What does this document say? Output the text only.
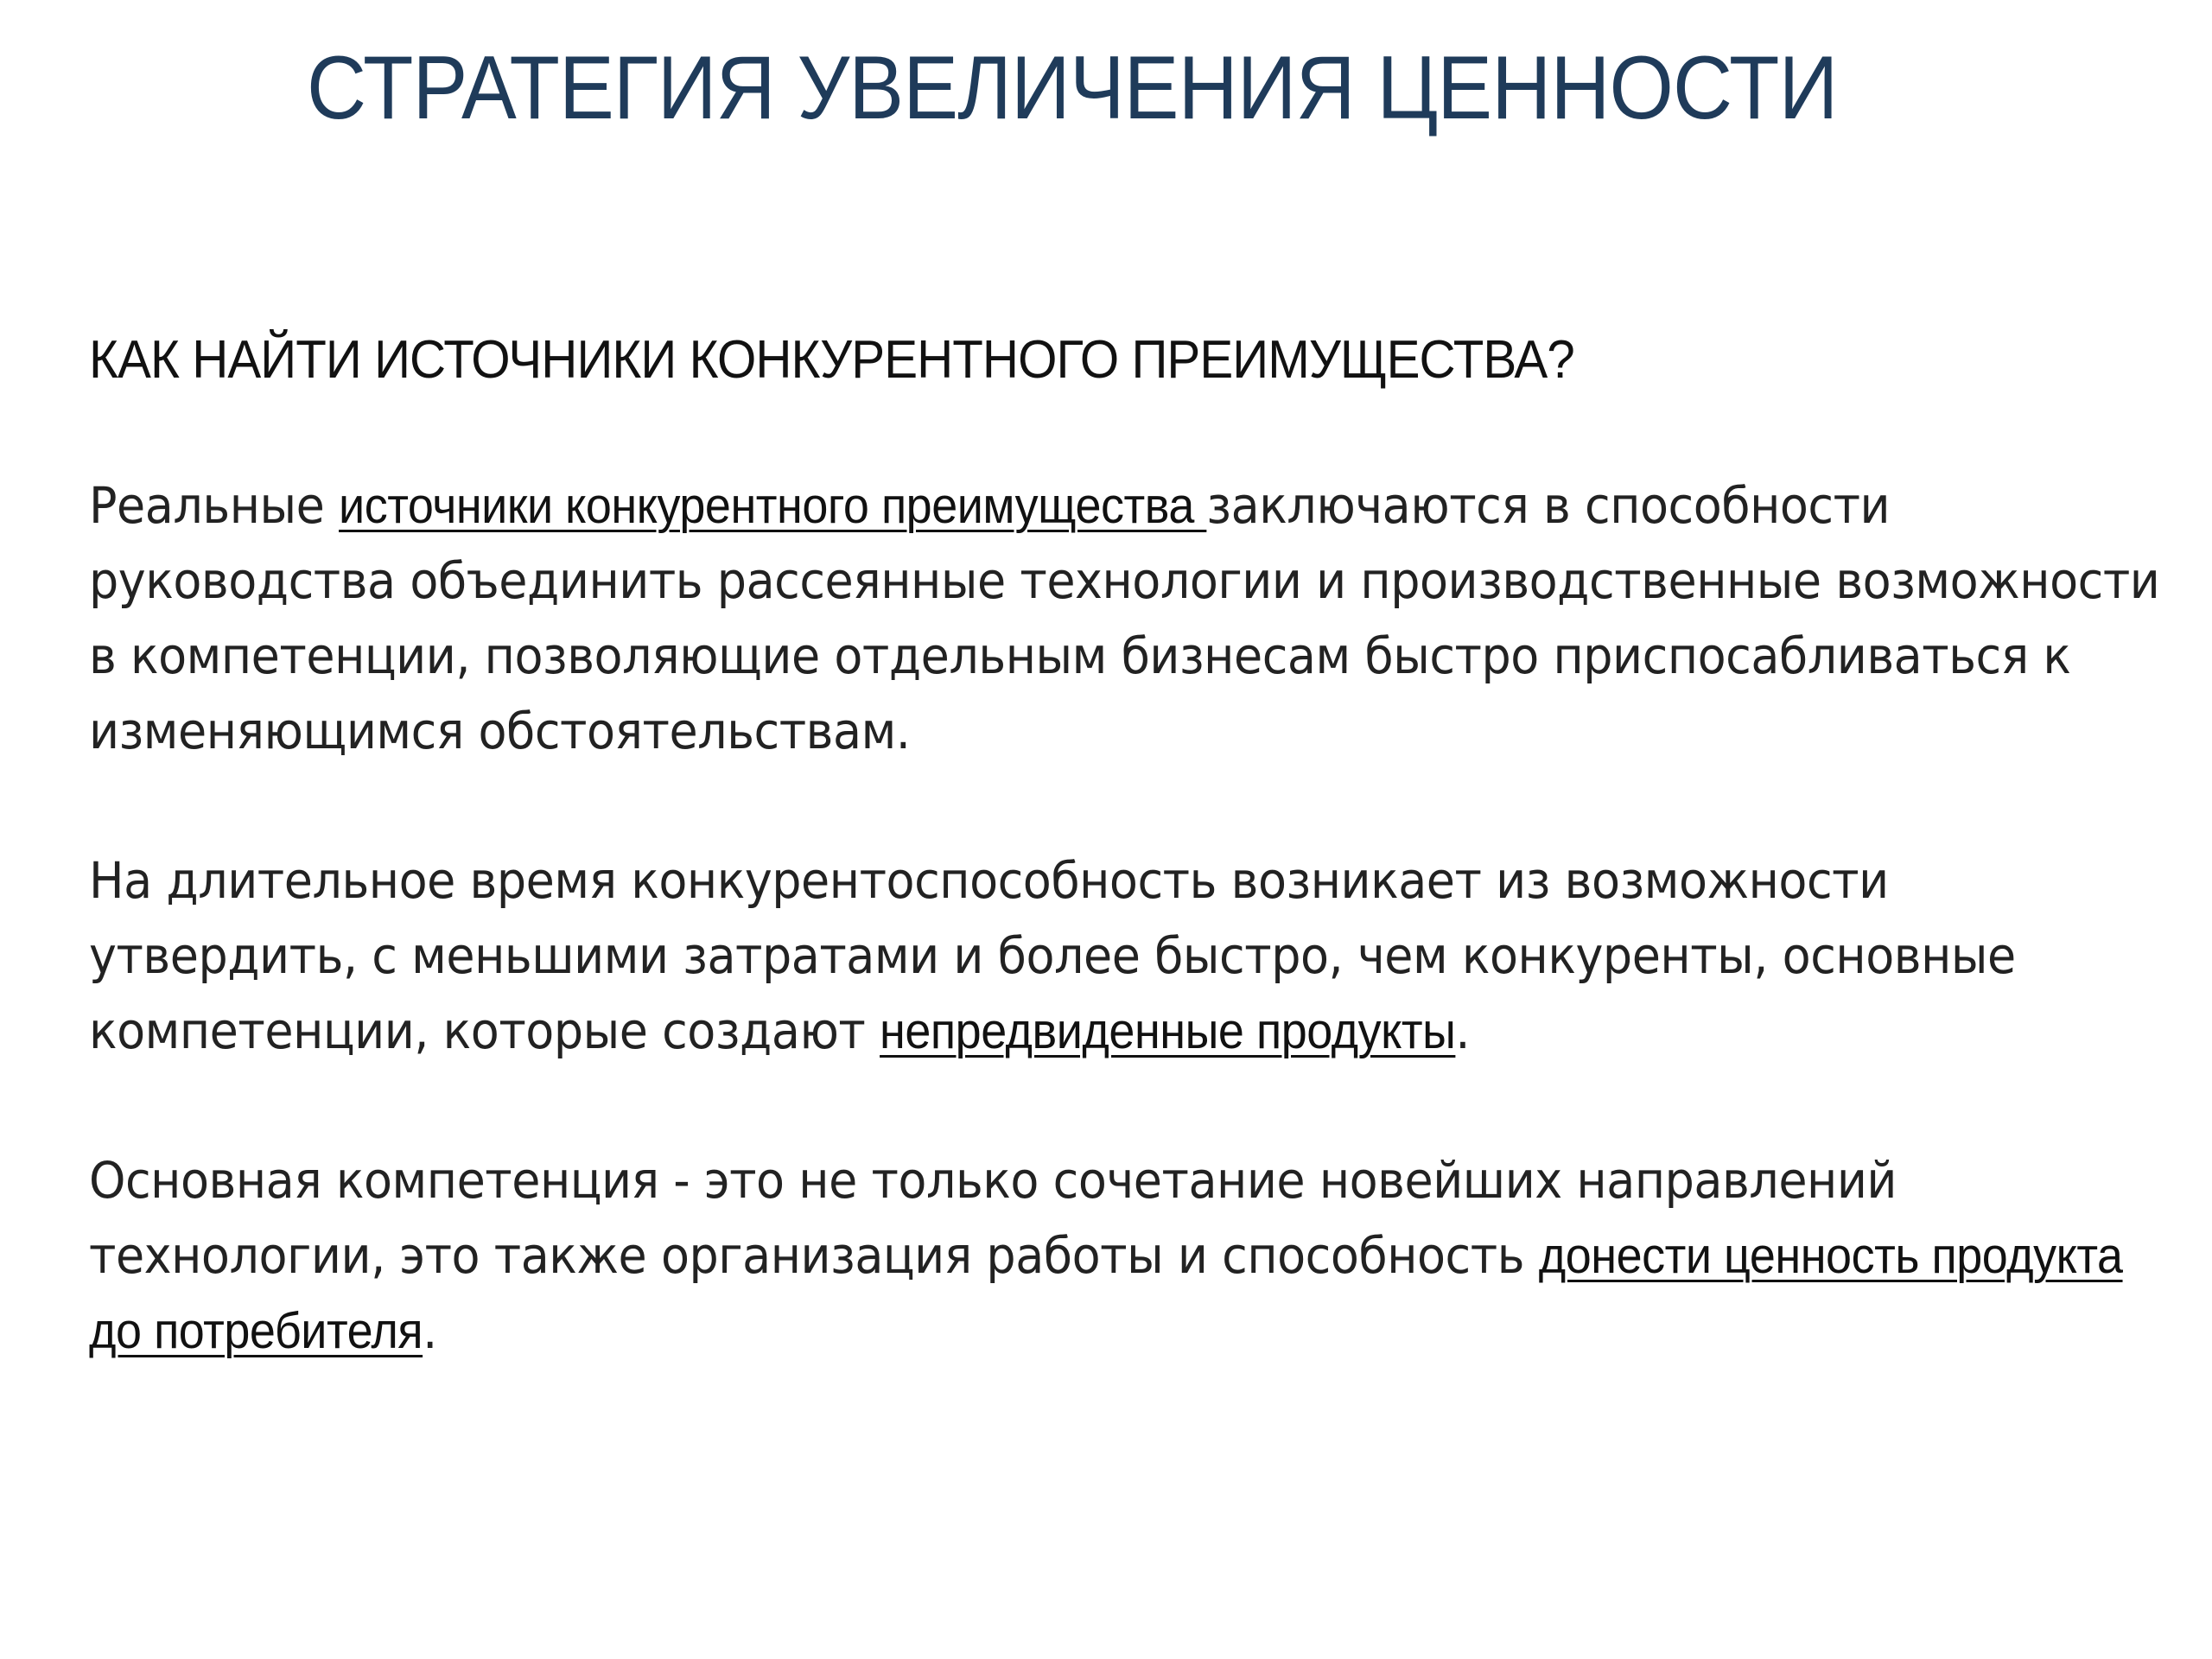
СТРАТЕГИЯ УВЕЛИЧЕНИЯ ЦЕННОСТИ
КАК НАЙТИ ИСТОЧНИКИ КОНКУРЕНТНОГО ПРЕИМУЩЕСТВА?

Реальные источники конкурентного преимущества заключаются в способности руководства объединить рассеянные технологии и производственные возможности в компетенции, позволяющие отдельным бизнесам быстро приспосабливаться к изменяющимся обстоятельствам.

На длительное время конкурентоспособность возникает из возможности утвердить, с меньшими затратами и более быстро, чем конкуренты, основные компетенции, которые создают непредвиденные продукты.

Основная компетенция - это не только сочетание новейших направлений технологии, это также организация работы и способность донести ценность продукта до потребителя.
